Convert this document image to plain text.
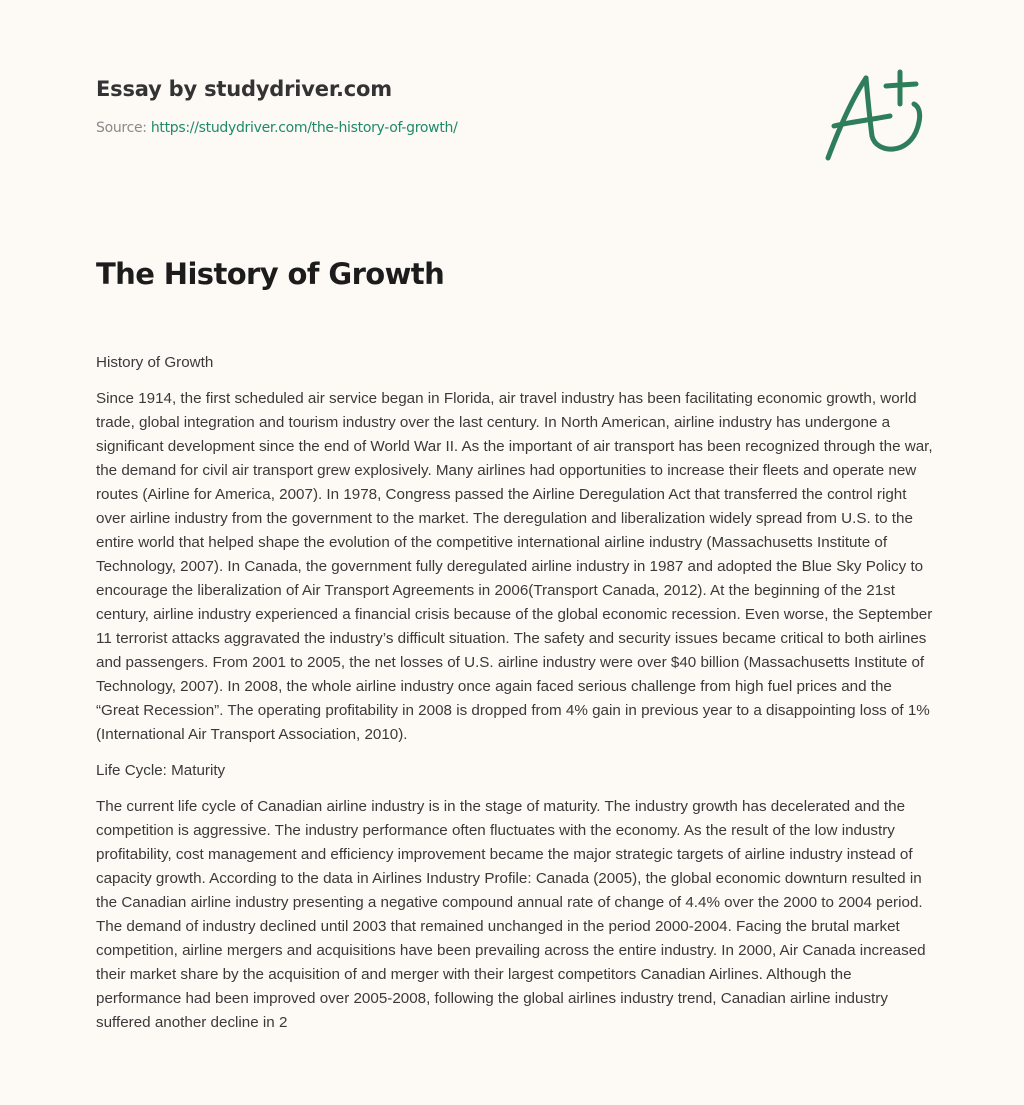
Essay by studydriver.com
Source: https://studydriver.com/the-history-of-growth/
The History of Growth

History of Growth

Since 1914, the first scheduled air service began in Florida, air travel industry has been facilitating economic growth, world trade, global integration and tourism industry over the last century. In North American, airline industry has undergone a significant development since the end of World War II. As the important of air transport has been recognized through the war, the demand for civil air transport grew explosively. Many airlines had opportunities to increase their fleets and operate new routes (Airline for America, 2007). In 1978, Congress passed the Airline Deregulation Act that transferred the control right over airline industry from the government to the market. The deregulation and liberalization widely spread from U.S. to the entire world that helped shape the evolution of the competitive international airline industry (Massachusetts Institute of Technology, 2007). In Canada, the government fully deregulated airline industry in 1987 and adopted the Blue Sky Policy to encourage the liberalization of Air Transport Agreements in 2006(Transport Canada, 2012). At the beginning of the 21st century, airline industry experienced a financial crisis because of the global economic recession. Even worse, the September 11 terrorist attacks aggravated the industry’s difficult situation. The safety and security issues became critical to both airlines and passengers. From 2001 to 2005, the net losses of U.S. airline industry were over $40 billion (Massachusetts Institute of Technology, 2007). In 2008, the whole airline industry once again faced serious challenge from high fuel prices and the “Great Recession”. The operating profitability in 2008 is dropped from 4% gain in previous year to a disappointing loss of 1% (International Air Transport Association, 2010).

Life Cycle: Maturity

The current life cycle of Canadian airline industry is in the stage of maturity. The industry growth has decelerated and the competition is aggressive. The industry performance often fluctuates with the economy. As the result of the low industry profitability, cost management and efficiency improvement became the major strategic targets of airline industry instead of capacity growth. According to the data in Airlines Industry Profile: Canada (2005), the global economic downturn resulted in the Canadian airline industry presenting a negative compound annual rate of change of 4.4% over the 2000 to 2004 period. The demand of industry declined until 2003 that remained unchanged in the period 2000-2004. Facing the brutal market competition, airline mergers and acquisitions have been prevailing across the entire industry. In 2000, Air Canada increased their market share by the acquisition of and merger with their largest competitors Canadian Airlines. Although the performance had been improved over 2005-2008, following the global airlines industry trend, Canadian airline industry suffered another decline in 2
